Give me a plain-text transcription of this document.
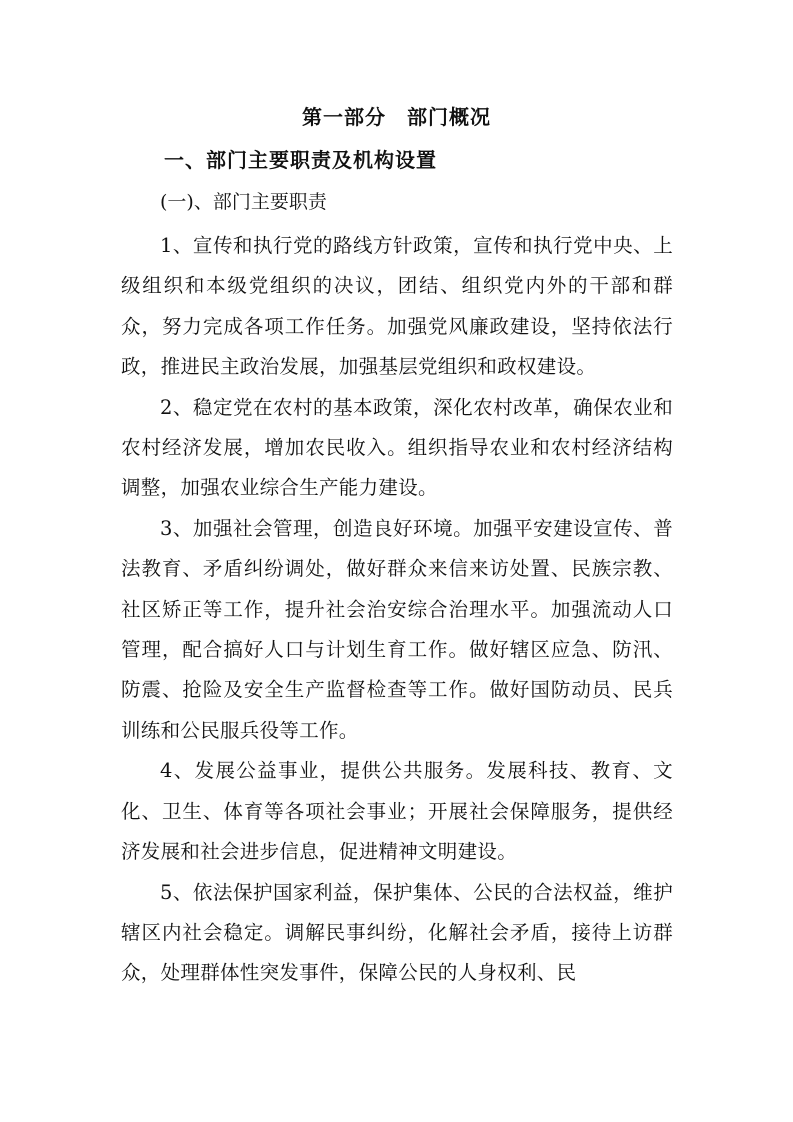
第一部分　部门概况
一、部门主要职责及机构设置
(一)、部门主要职责

1、宣传和执行党的路线方针政策，宣传和执行党中央、上级组织和本级党组织的决议，团结、组织党内外的干部和群众，努力完成各项工作任务。加强党风廉政建设，坚持依法行政，推进民主政治发展，加强基层党组织和政权建设。

2、稳定党在农村的基本政策，深化农村改革，确保农业和农村经济发展，增加农民收入。组织指导农业和农村经济结构调整，加强农业综合生产能力建设。

3、加强社会管理，创造良好环境。加强平安建设宣传、普法教育、矛盾纠纷调处，做好群众来信来访处置、民族宗教、社区矫正等工作，提升社会治安综合治理水平。加强流动人口管理，配合搞好人口与计划生育工作。做好辖区应急、防汛、防震、抢险及安全生产监督检查等工作。做好国防动员、民兵训练和公民服兵役等工作。

4、发展公益事业，提供公共服务。发展科技、教育、文化、卫生、体育等各项社会事业；开展社会保障服务，提供经济发展和社会进步信息，促进精神文明建设。

5、依法保护国家利益，保护集体、公民的合法权益，维护辖区内社会稳定。调解民事纠纷，化解社会矛盾，接待上访群众，处理群体性突发事件，保障公民的人身权利、民
